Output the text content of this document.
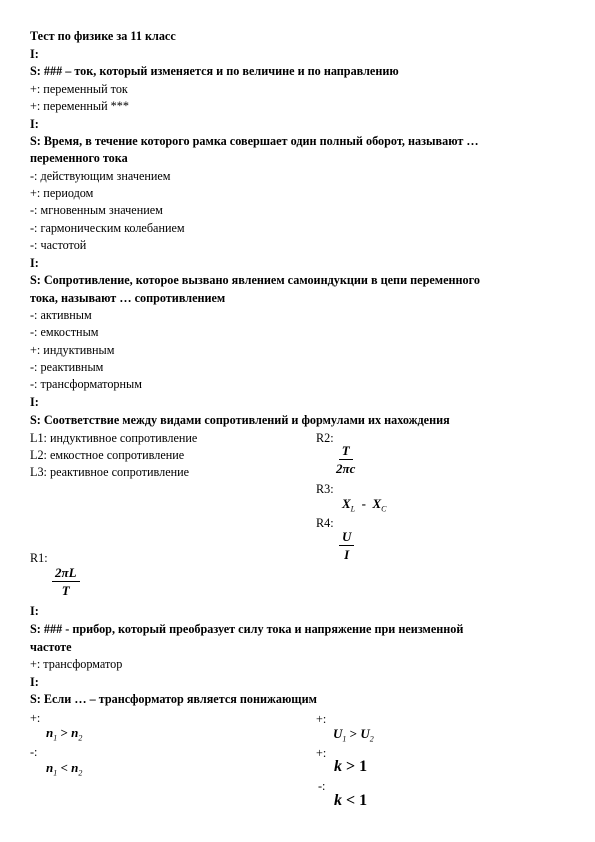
Тест по физике за 11 класс
I:
S: ### – ток, который изменяется и по величине и по направлению
+: переменный ток
+: переменный ***
I:
S: Время, в течение которого рамка совершает один полный оборот, называют …
переменного тока
-: действующим значением
+: периодом
-: мгновенным значением
-: гармоническим колебанием
-: частотой
I:
S: Сопротивление, которое вызвано явлением самоиндукции в цепи переменного
тока, называют … сопротивлением
-: активным
-: емкостным
+: индуктивным
-: реактивным
-: трансформаторным
I:
S: Соответствие между видами сопротивлений и формулами их нахождения
L1: индуктивное сопротивление
L2: емкостное сопротивление
L3: реактивное сопротивление
R2:
$\frac{T}{2\pi c}$
R3:
$X_L - X_C$
R4:
$\frac{U}{I}$
R1:
$\frac{2\pi L}{T}$
I:
S: ### - прибор, который преобразует силу тока и напряжение при неизменной
частоте
+: трансформатор
I:
S: Если … – трансформатор является понижающим
+:
$n_1 > n_2$
-:
$n_1 < n_2$
+:
$U_1 > U_2$
+:
k > 1
-:
k < 1
